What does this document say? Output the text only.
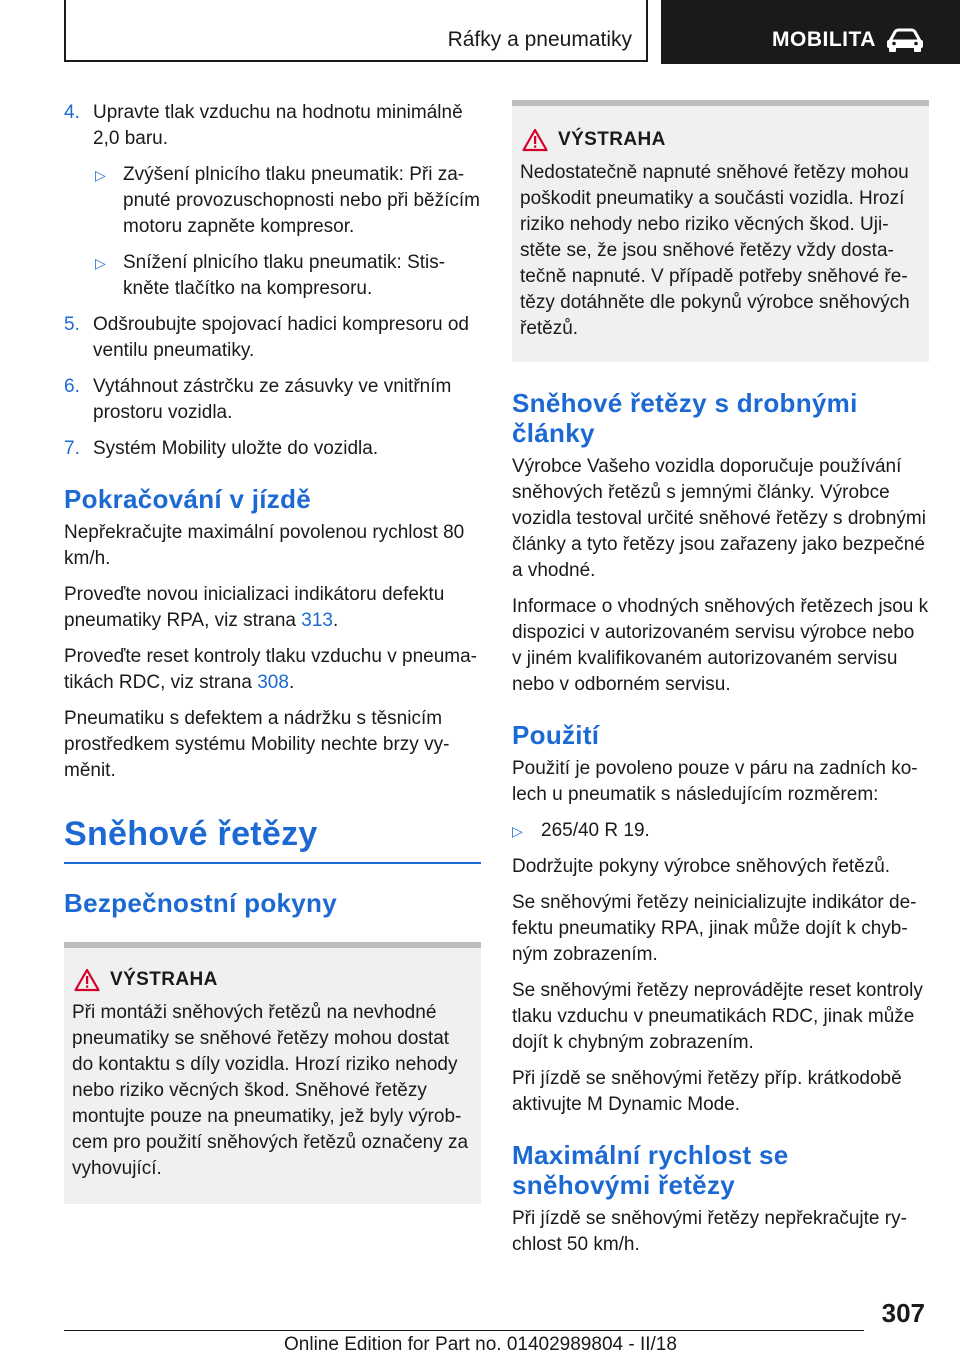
Ráfky a pneumatiky	MOBILITA
4. Upravte tlak vzduchu na hodnotu minimálně 2,0 baru.
▷ Zvýšení plnicího tlaku pneumatik: Při zapnuté provozuschopnosti nebo při běžícím motoru zapněte kompresor.
▷ Snížení plnicího tlaku pneumatik: Stiskněte tlačítko na kompresoru.
5. Odšroubujte spojovací hadici kompresoru od ventilu pneumatiky.
6. Vytáhnout zástrčku ze zásuvky ve vnitřním prostoru vozidla.
7. Systém Mobility uložte do vozidla.
Pokračování v jízdě

Nepřekračujte maximální povolenou rychlost 80 km/h.

Proveďte novou inicializaci indikátoru defektu pneumatiky RPA, viz strana 313.

Proveďte reset kontroly tlaku vzduchu v pneumatikách RDC, viz strana 308.

Pneumatiku s defektem a nádržku s těsnicím prostředkem systému Mobility nechte brzy vyměnit.

Sněhové řetězy
Bezpečnostní pokyny
VÝSTRAHA

Při montáži sněhových řetězů na nevhodné pneumatiky se sněhové řetězy mohou dostat do kontaktu s díly vozidla. Hrozí riziko nehody nebo riziko věcných škod. Sněhové řetězy montujte pouze na pneumatiky, jež byly výrobcem pro použití sněhových řetězů označeny za vyhovující.

VÝSTRAHA

Nedostatečně napnuté sněhové řetězy mohou poškodit pneumatiky a součásti vozidla. Hrozí riziko nehody nebo riziko věcných škod. Ujistěte se, že jsou sněhové řetězy vždy dostatečně napnuté. V případě potřeby sněhové řetězy dotáhněte dle pokynů výrobce sněhových řetězů.

Sněhové řetězy s drobnými články

Výrobce Vašeho vozidla doporučuje používání sněhových řetězů s jemnými články. Výrobce vozidla testoval určité sněhové řetězy s drobnými články a tyto řetězy jsou zařazeny jako bezpečné a vhodné.

Informace o vhodných sněhových řetězech jsou k dispozici v autorizovaném servisu výrobce nebo v jiném kvalifikovaném autorizovaném servisu nebo v odborném servisu.

Použití

Použití je povoleno pouze v páru na zadních kolech u pneumatik s následujícím rozměrem:

▷ 265/40 R 19.

Dodržujte pokyny výrobce sněhových řetězů.

Se sněhovými řetězy neinicializujte indikátor defektu pneumatiky RPA, jinak může dojít k chybným zobrazením.

Se sněhovými řetězy neprovádějte reset kontroly tlaku vzduchu v pneumatikách RDC, jinak může dojít k chybným zobrazením.

Při jízdě se sněhovými řetězy příp. krátkodobě aktivujte M Dynamic Mode.

Maximální rychlost se sněhovými řetězy

Při jízdě se sněhovými řetězy nepřekračujte rychlost 50 km/h.

307
Online Edition for Part no. 01402989804 - II/18
